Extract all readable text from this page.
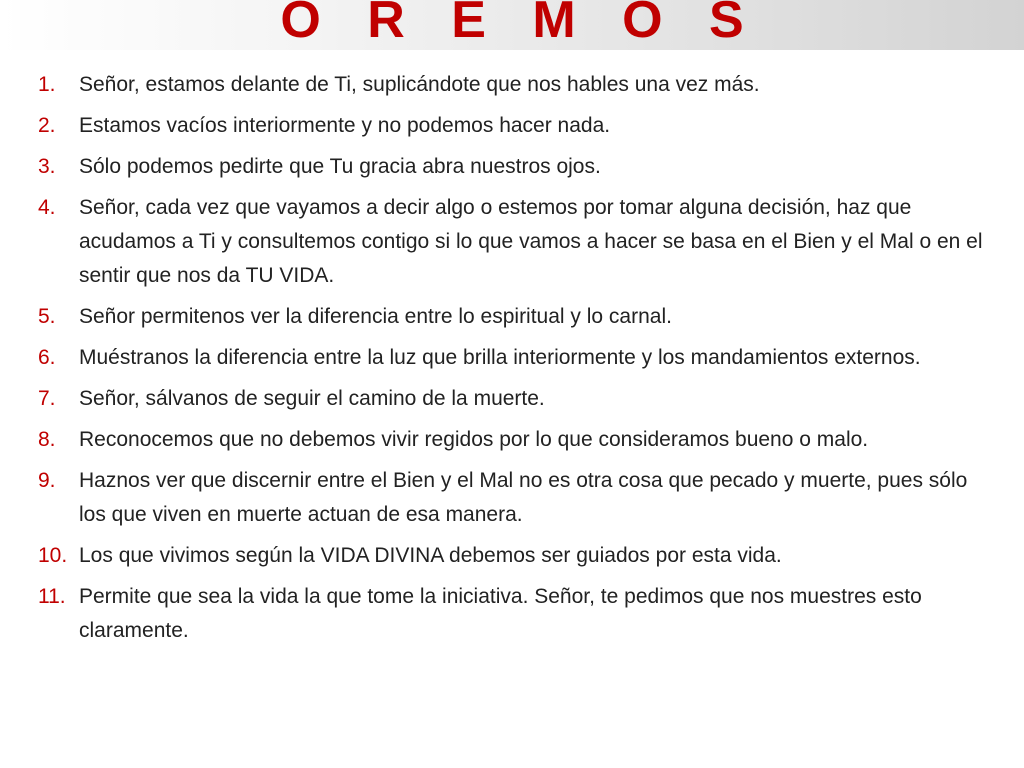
O R E M O S
1.	Señor, estamos delante de Ti, suplicándote que nos hables una vez más.
2.	Estamos vacíos interiormente y no podemos hacer nada.
3.	Sólo podemos pedirte que Tu gracia abra nuestros ojos.
4.	Señor, cada vez que vayamos a decir algo o estemos por tomar alguna decisión, haz que acudamos a Ti y consultemos contigo si lo que vamos a hacer se basa en el Bien y el Mal o en el sentir que nos da TU VIDA.
5.	Señor permitenos ver la diferencia entre lo espiritual y lo carnal.
6.	Muéstranos la diferencia entre la luz que brilla interiormente y los mandamientos externos.
7.	Señor, sálvanos de seguir el camino de la muerte.
8.	Reconocemos que no debemos vivir regidos por lo que consideramos bueno o malo.
9.	Haznos ver que discernir entre el Bien y el Mal no es otra cosa que pecado y muerte, pues sólo los que viven en muerte actuan de esa manera.
10. Los que vivimos según la VIDA DIVINA debemos ser guiados por esta vida.
11. Permite que sea la vida la que tome la iniciativa. Señor, te pedimos que nos muestres esto claramente.
